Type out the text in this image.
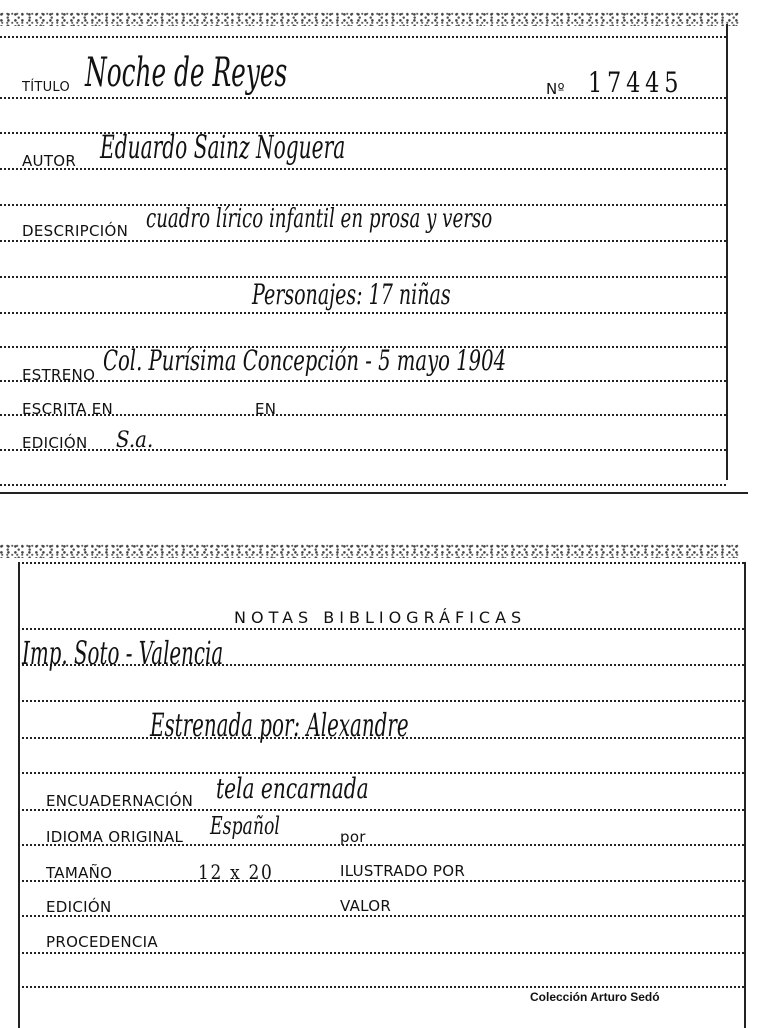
TÍTULO Noche de Reyes	Nº 17445
AUTOR Eduardo Sainz Noguera
DESCRIPCIÓN cuadro lírico infantil en prosa y verso
Personajes: 17 niñas
ESTRENO Col. Purísima Concepción - 5 mayo 1904
ESCRITA EN	EN
EDICIÓN S.a.
NOTAS BIBLIOGRÁFICAS
Imp. Soto - Valencia
Estrenada por: Alexandre
ENCUADERNACIÓN tela encarnada
IDIOMA ORIGINAL Español	por
TAMAÑO	12 x 20	ILUSTRADO POR
EDICIÓN	VALOR
PROCEDENCIA
Colección Arturo Sedó
